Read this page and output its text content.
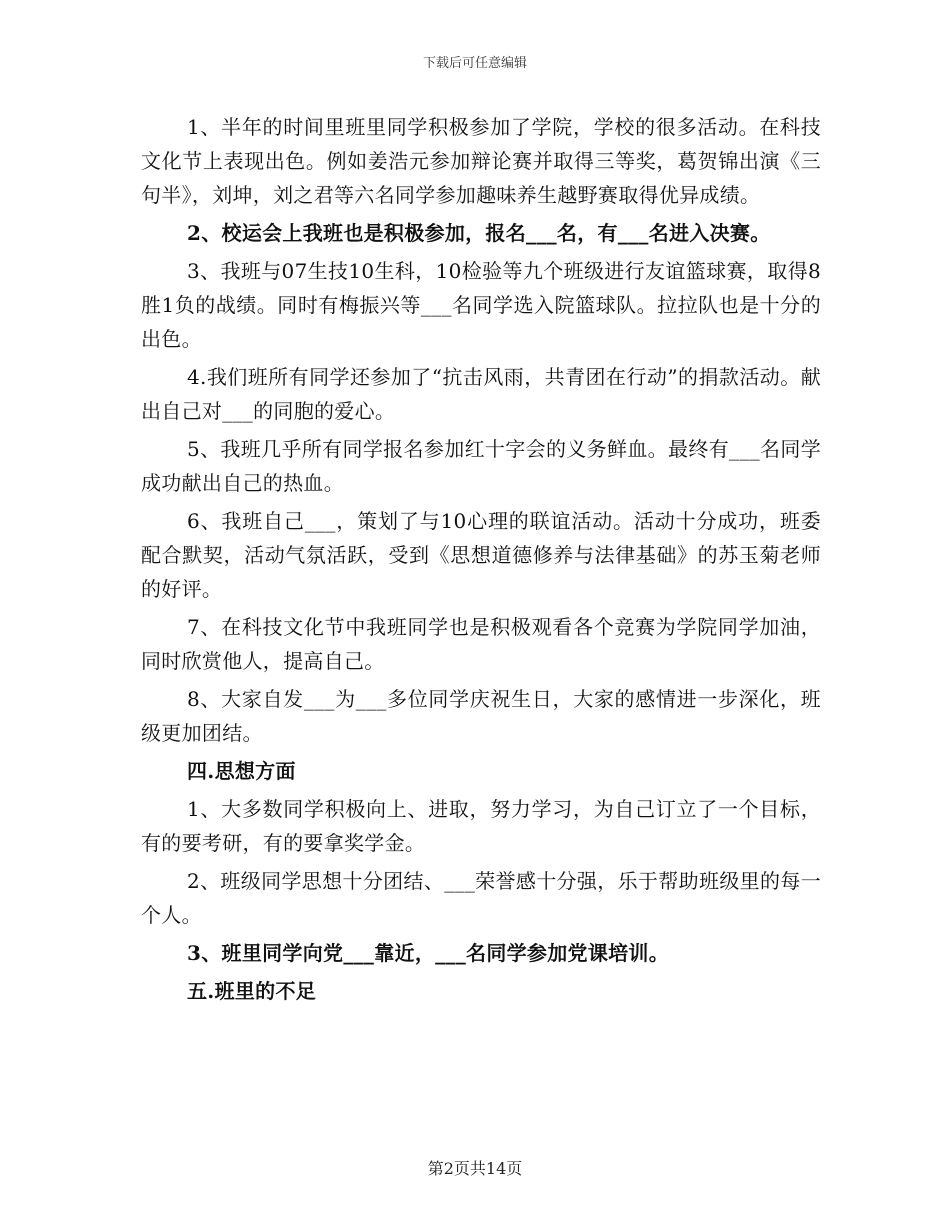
下载后可任意编辑

1、半年的时间里班里同学积极参加了学院，学校的很多活动。在科技文化节上表现出色。例如姜浩元参加辩论赛并取得三等奖，葛贺锦出演《三句半》，刘坤，刘之君等六名同学参加趣味养生越野赛取得优异成绩。

2、校运会上我班也是积极参加，报名___名，有___名进入决赛。

3、我班与07生技10生科，10检验等九个班级进行友谊篮球赛，取得8胜1负的战绩。同时有梅振兴等___名同学选入院篮球队。拉拉队也是十分的出色。

4.我们班所有同学还参加了“抗击风雨，共青团在行动”的捐款活动。献出自己对___的同胞的爱心。

5、我班几乎所有同学报名参加红十字会的义务鲜血。最终有___名同学成功献出自己的热血。

6、我班自己___，策划了与10心理的联谊活动。活动十分成功，班委配合默契，活动气氛活跃，受到《思想道德修养与法律基础》的苏玉菊老师的好评。

7、在科技文化节中我班同学也是积极观看各个竞赛为学院同学加油，同时欣赏他人，提高自己。

8、大家自发___为___多位同学庆祝生日，大家的感情进一步深化，班级更加团结。

四.思想方面

1、大多数同学积极向上、进取，努力学习，为自己订立了一个目标，有的要考研，有的要拿奖学金。

2、班级同学思想十分团结、___荣誉感十分强，乐于帮助班级里的每一个人。

3、班里同学向党___靠近，___名同学参加党课培训。

五.班里的不足

第2页共14页
